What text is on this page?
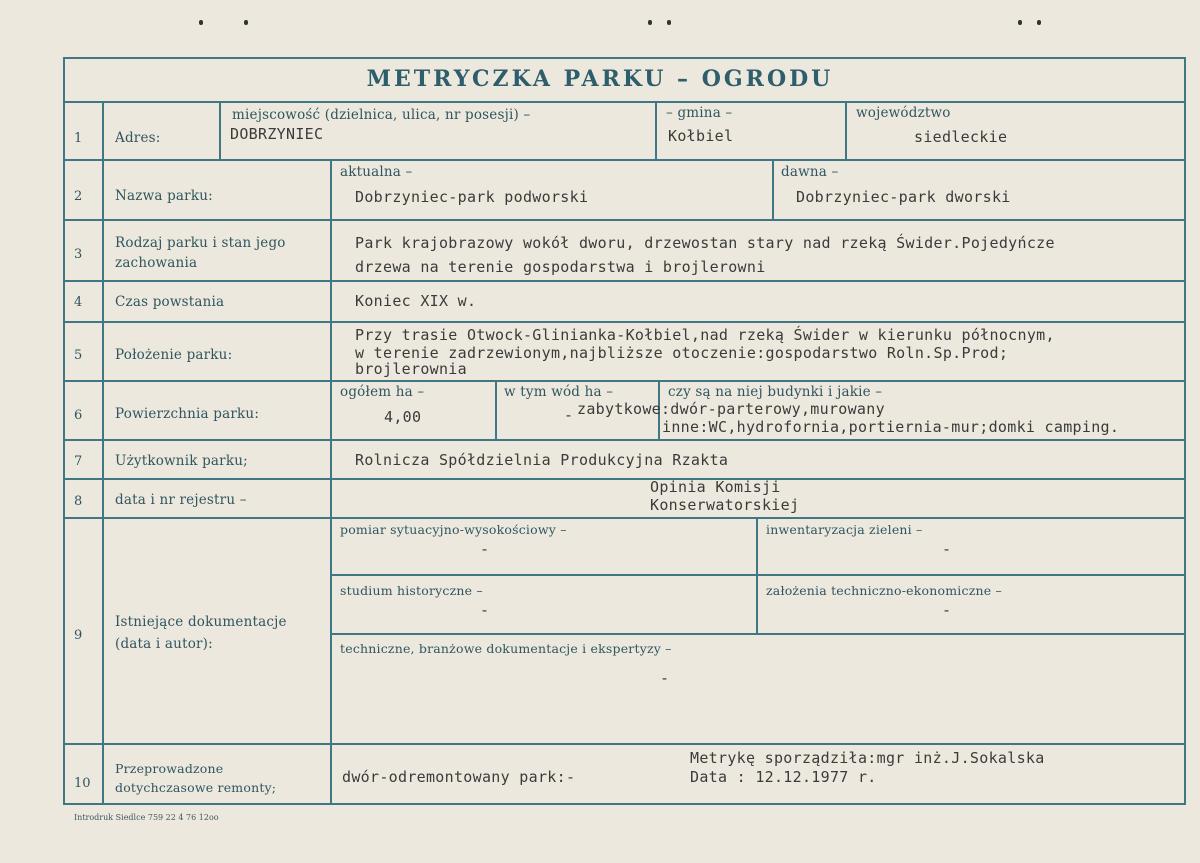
METRYCZKA PARKU – OGRODU
1 Adres:
miejscowość (dzielnica, ulica, nr posesji) –
DOBRZYNIEC
– gmina –
Kołbiel
województwo
siedleckie
2 Nazwa parku:
aktualna –
Dobrzyniec-park podworski
dawna –
Dobrzyniec-park dworski
3
Rodzaj parku i stan jego
zachowania
Park krajobrazowy wokół dworu, drzewostan stary nad rzeką Świder.Pojedyńcze
drzewa na terenie gospodarstwa i brojlerowni
4 Czas powstania	Koniec XIX w.
5 Położenie parku:
Przy trasie Otwock-Glinianka-Kołbiel,nad rzeką Świder w kierunku północnym,
w terenie zadrzewionym,najbliższe otoczenie:gospodarstwo Roln.Sp.Prod;
brojlerownia
6 Powierzchnia parku:
ogółem ha –
4,00
w tym wód ha –
-
czy są na niej budynki i jakie –
zabytkowe:dwór-parterowy,murowany
inne:WC,hydrofornia,portiernia-mur;domki camping.
7 Użytkownik parku;	Rolnicza Spółdzielnia Produkcyjna Rzakta
8 data i nr rejestru –
Opinia Komisji
Konserwatorskiej
9
Istniejące dokumentacje
(data i autor):
pomiar sytuacyjno-wysokościowy –
-
inwentaryzacja zieleni –
-
studium historyczne –
-
założenia techniczno-ekonomiczne –
-
techniczne, branżowe dokumentacje i ekspertyzy –
-
10
Przeprowadzone
dotychczasowe remonty;
dwór-odremontowany park:-
Metrykę sporządziła:mgr inż.J.Sokalska
Data : 12.12.1977 r.
Introdruk Siedlce 759 22 4 76 12oo
